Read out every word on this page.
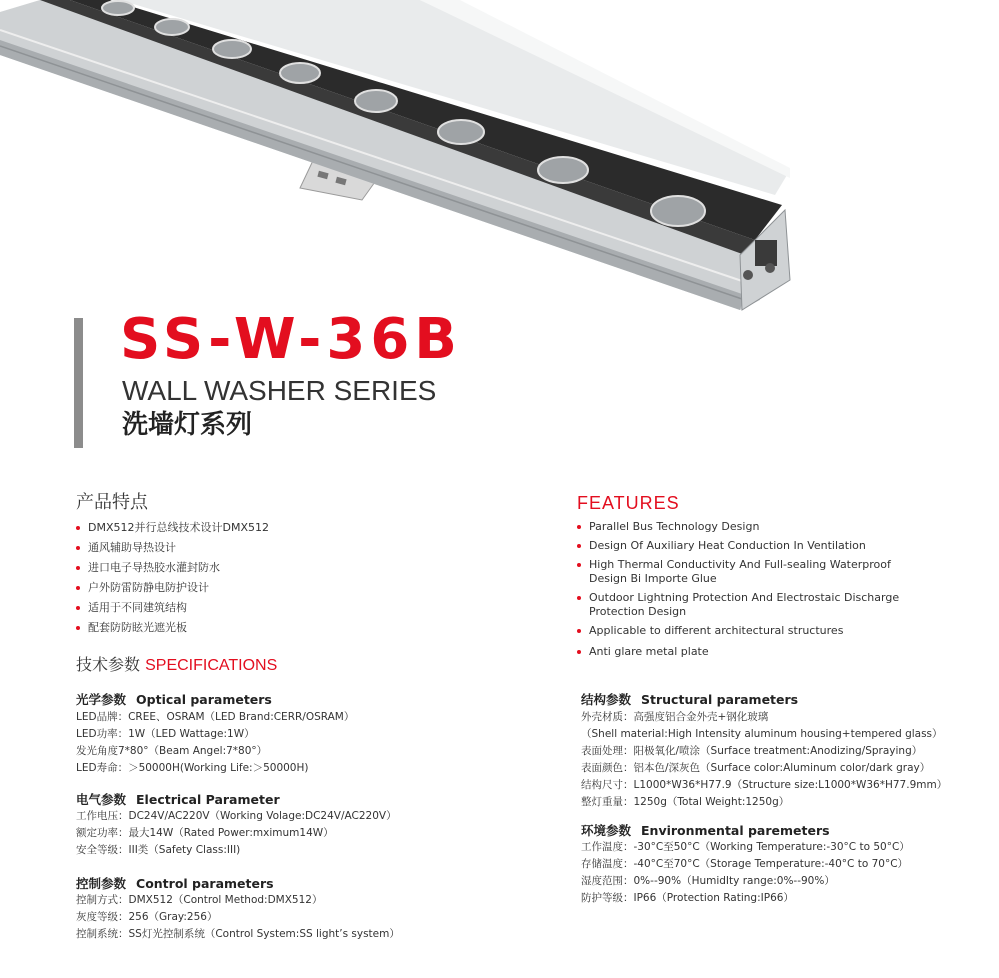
SS-W-36B
WALL WASHER SERIES
洗墙灯系列
产品特点
DMX512并行总线技术设计DMX512
通风辅助导热设计
进口电子导热胶水灌封防水
户外防雷防静电防护设计
适用于不同建筑结构
配套防防眩光遮光板
FEATURES
Parallel Bus Technology Design
Design Of Auxiliary Heat Conduction In Ventilation
High Thermal Conductivity And Full-sealing Waterproof Design Bi Importe Glue
Outdoor Lightning Protection And Electrostaic Discharge Protection Design
Applicable to different architectural structures
Anti glare metal plate
技术参数 SPECIFICATIONS
光学参数 Optical parameters
LED品牌：CREE、OSRAM（LED Brand:CERR/OSRAM）
LED功率：1W（LED Wattage:1W）
发光角度7*80°（Beam Angel:7*80°）
LED寿命：＞50000H(Working Life:＞50000H)
电气参数 Electrical Parameter
工作电压：DC24V/AC220V（Working Volage:DC24V/AC220V）
额定功率：最大14W（Rated Power:mximum14W）
安全等级：III类（Safety Class:III)
控制参数 Control parameters
控制方式：DMX512（Control Method:DMX512）
灰度等级：256（Gray:256）
控制系统：SS灯光控制系统（Control System:SS light’s system）
结构参数 Structural parameters
外壳材质：高强度铝合金外壳+钢化玻璃
（Shell material:High Intensity aluminum housing+tempered glass）
表面处理：阳极氧化/喷涂（Surface treatment:Anodizing/Spraying）
表面颜色：铝本色/深灰色（Surface color:Aluminum color/dark gray）
结构尺寸：L1000*W36*H77.9（Structure size:L1000*W36*H77.9mm）
整灯重量：1250g（Total Weight:1250g）
环境参数 Environmental paremeters
工作温度：-30°C至50°C（Working Temperature:-30°C to 50°C）
存储温度：-40°C至70°C（Storage Temperature:-40°C to 70°C）
湿度范围：0%--90%（HumidIty range:0%--90%）
防护等级：IP66（Protection Rating:IP66）
